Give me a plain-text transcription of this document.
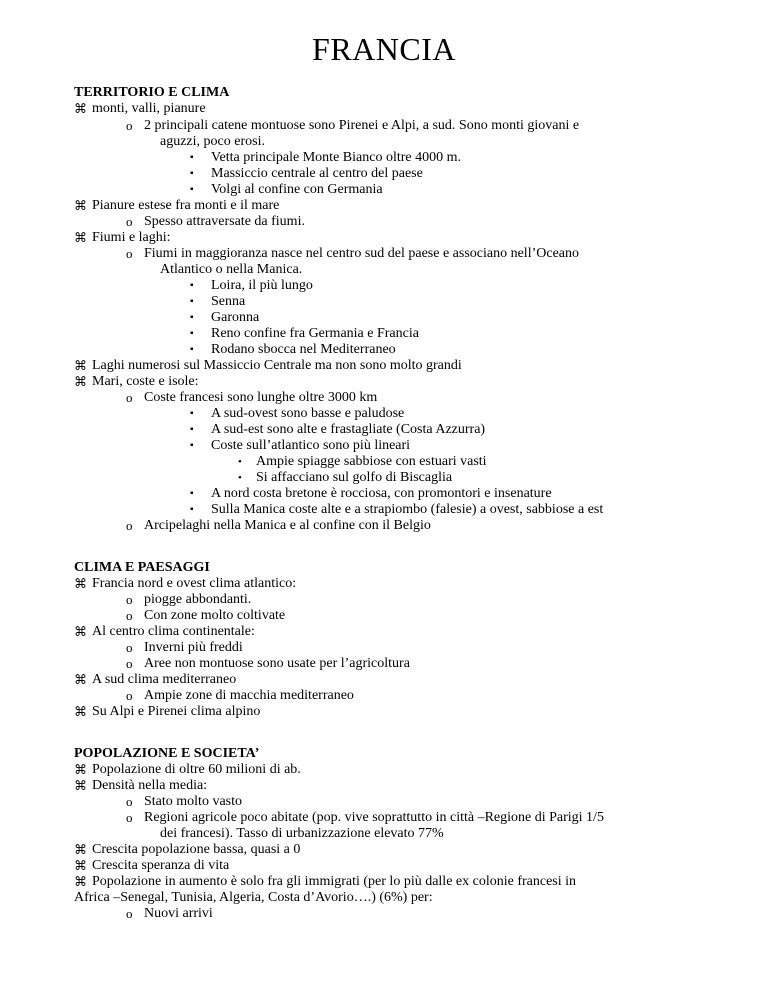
FRANCIA
TERRITORIO E CLIMA
⌘ monti, valli, pianure
o 2 principali catene montuose sono Pirenei e Alpi, a sud. Sono monti giovani e
aguzzi, poco erosi.
▪ Vetta principale Monte Bianco oltre 4000 m.
▪ Massiccio centrale al centro del paese
▪ Volgi al confine con Germania
⌘ Pianure estese fra monti e il mare
o Spesso attraversate da fiumi.
⌘ Fiumi e laghi:
o Fiumi in maggioranza nasce nel centro sud del paese e associano nell’Oceano
Atlantico o nella Manica.
▪ Loira, il più lungo
▪ Senna
▪ Garonna
▪ Reno confine fra Germania e Francia
▪ Rodano sbocca nel Mediterraneo
⌘ Laghi numerosi sul Massiccio Centrale ma non sono molto grandi
⌘ Mari, coste e isole:
o Coste francesi sono lunghe oltre 3000 km
▪ A sud-ovest sono basse e paludose
▪ A sud-est sono alte e frastagliate (Costa Azzurra)
▪ Coste sull’atlantico sono più lineari
• Ampie spiagge sabbiose con estuari vasti
• Si affacciano sul golfo di Biscaglia
▪ A nord costa bretone è rocciosa, con promontori e insenature
▪ Sulla Manica coste alte e a strapiombo (falesie) a ovest, sabbiose a est
o Arcipelaghi nella Manica e al confine con il Belgio
CLIMA E PAESAGGI
⌘ Francia nord e ovest clima atlantico:
o piogge abbondanti.
o Con zone molto coltivate
⌘ Al centro clima continentale:
o Inverni più freddi
o Aree non montuose sono usate per l’agricoltura
⌘ A sud clima mediterraneo
o Ampie zone di macchia mediterraneo
⌘ Su Alpi e Pirenei clima alpino
POPOLAZIONE E SOCIETA’
⌘ Popolazione di oltre 60 milioni di ab.
⌘ Densità nella media:
o Stato molto vasto
o Regioni agricole poco abitate (pop. vive soprattutto in città –Regione di Parigi 1/5
dei francesi). Tasso di urbanizzazione elevato 77%
⌘ Crescita popolazione bassa, quasi a 0
⌘ Crescita speranza di vita
⌘ Popolazione in aumento è solo fra gli immigrati (per lo più dalle ex colonie francesi in
Africa –Senegal, Tunisia, Algeria, Costa d’Avorio….) (6%) per:
o Nuovi arrivi
